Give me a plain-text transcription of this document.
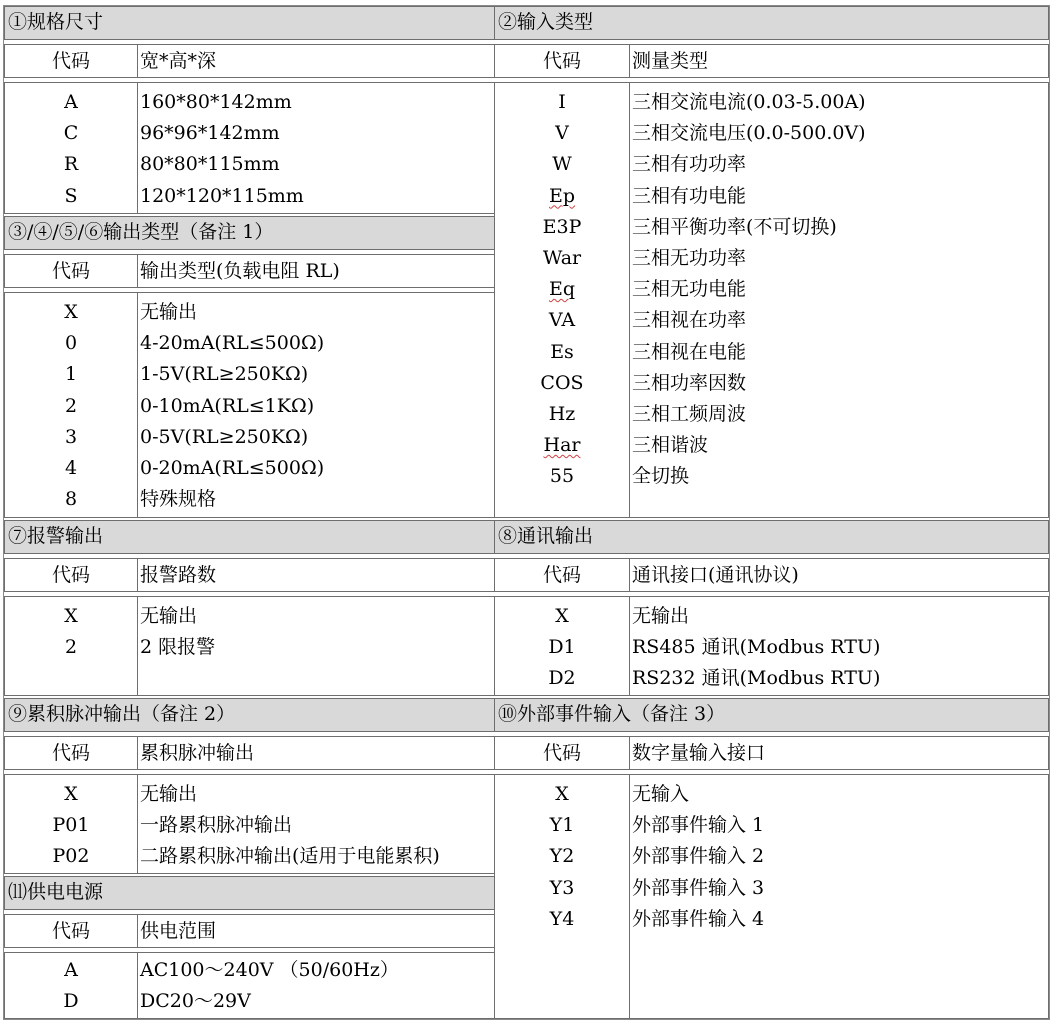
①规格尺寸
代码	宽*高*深
A	160*80*142mm
C	96*96*142mm
R	80*80*115mm
S	120*120*115mm
③/④/⑤/⑥输出类型（备注 1）
代码	输出类型(负载电阻 RL)
X	无输出
0	4-20mA(RL≤500Ω)
1	1-5V(RL≥250KΩ)
2	0-10mA(RL≤1KΩ)
3	0-5V(RL≥250KΩ)
4	0-20mA(RL≤500Ω)
8	特殊规格
⑦报警输出
代码	报警路数
X	无输出
2	2 限报警
⑨累积脉冲输出（备注 2）
代码	累积脉冲输出
X	无输出
P01	一路累积脉冲输出
P02	二路累积脉冲输出(适用于电能累积)
⑾供电电源
代码	供电范围
A	AC100～240V （50/60Hz）
D	DC20～29V
②输入类型
代码	测量类型
I	三相交流电流(0.03-5.00A)
V	三相交流电压(0.0-500.0V)
W	三相有功功率
Ep	三相有功电能
E3P	三相平衡功率(不可切换)
War	三相无功功率
Eq	三相无功电能
VA	三相视在功率
Es	三相视在电能
COS	三相功率因数
Hz	三相工频周波
Har	三相谐波
55	全切换
⑧通讯输出
代码	通讯接口(通讯协议)
X	无输出
D1	RS485 通讯(Modbus RTU)
D2	RS232 通讯(Modbus RTU)
⑩外部事件输入（备注 3）
代码	数字量输入接口
X	无输入
Y1	外部事件输入 1
Y2	外部事件输入 2
Y3	外部事件输入 3
Y4	外部事件输入 4
